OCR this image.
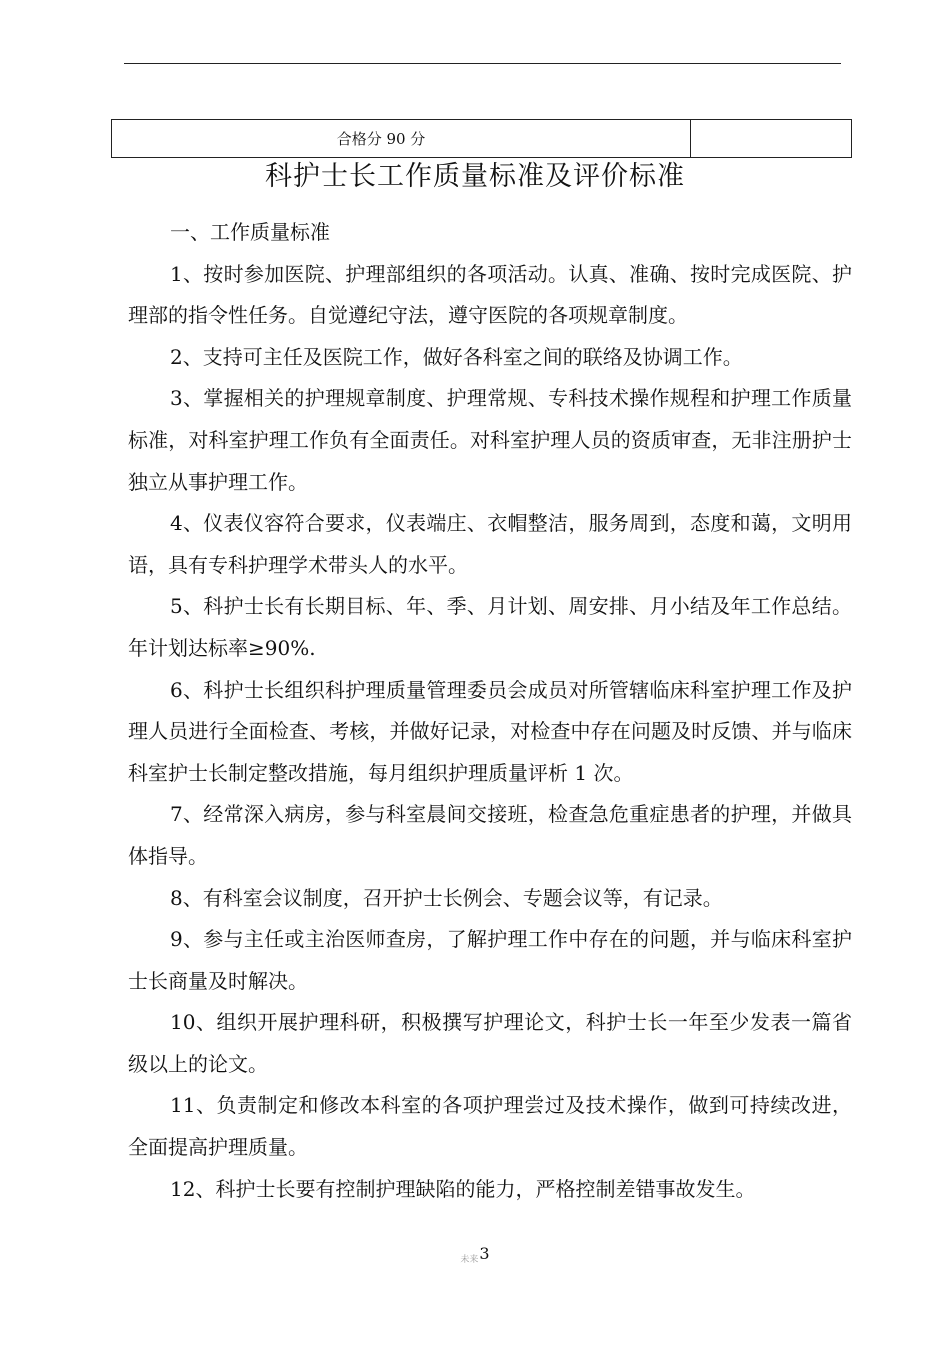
合格分 90 分
科护士长工作质量标准及评价标准

一、工作质量标准

1、按时参加医院、护理部组织的各项活动。认真、准确、按时完成医院、护理部的指令性任务。自觉遵纪守法，遵守医院的各项规章制度。

2、支持可主任及医院工作，做好各科室之间的联络及协调工作。

3、掌握相关的护理规章制度、护理常规、专科技术操作规程和护理工作质量标准，对科室护理工作负有全面责任。对科室护理人员的资质审查，无非注册护士独立从事护理工作。

4、仪表仪容符合要求，仪表端庄、衣帽整洁，服务周到，态度和蔼，文明用语，具有专科护理学术带头人的水平。

5、科护士长有长期目标、年、季、月计划、周安排、月小结及年工作总结。年计划达标率≥90%.

6、科护士长组织科护理质量管理委员会成员对所管辖临床科室护理工作及护理人员进行全面检查、考核，并做好记录，对检查中存在问题及时反馈、并与临床科室护士长制定整改措施，每月组织护理质量评析 1 次。

7、经常深入病房，参与科室晨间交接班，检查急危重症患者的护理，并做具体指导。

8、有科室会议制度，召开护士长例会、专题会议等，有记录。

9、参与主任或主治医师查房，了解护理工作中存在的问题，并与临床科室护士长商量及时解决。

10、组织开展护理科研，积极撰写护理论文，科护士长一年至少发表一篇省级以上的论文。

11、负责制定和修改本科室的各项护理尝过及技术操作，做到可持续改进，全面提高护理质量。

12、科护士长要有控制护理缺陷的能力，严格控制差错事故发生。

未来3
